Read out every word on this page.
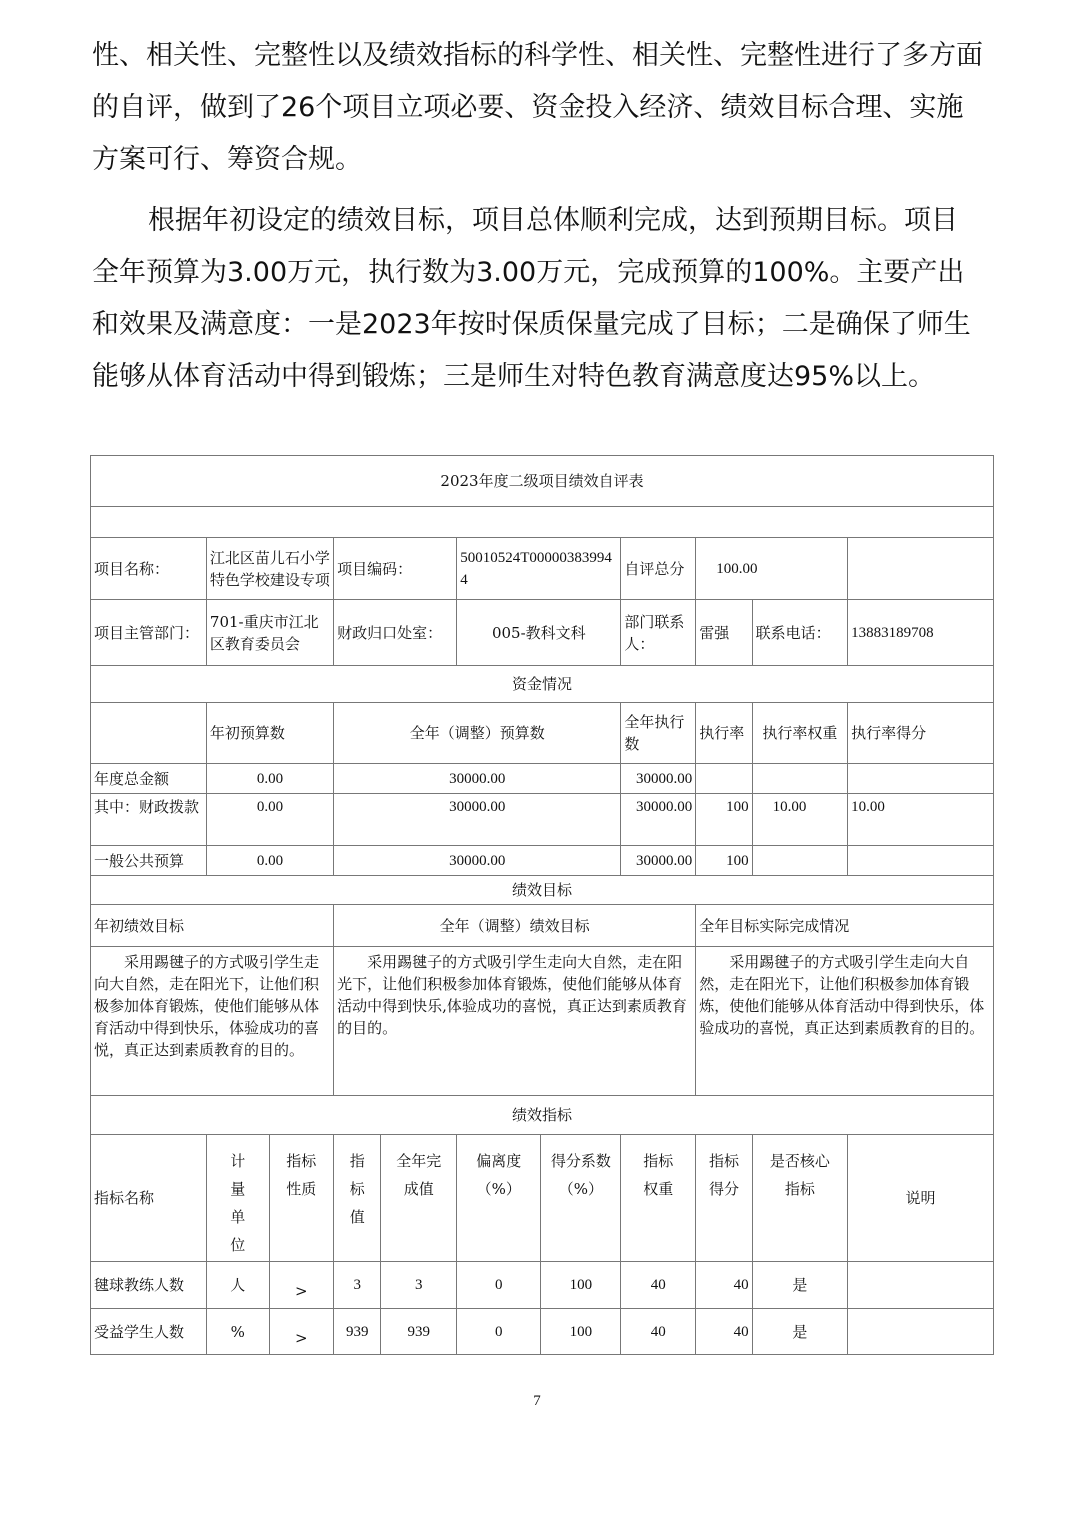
性、相关性、完整性以及绩效指标的科学性、相关性、完整性进行了多方面的自评，做到了26个项目立项必要、资金投入经济、绩效目标合理、实施方案可行、筹资合规。

根据年初设定的绩效目标，项目总体顺利完成，达到预期目标。项目全年预算为3.00万元，执行数为3.00万元，完成预算的100%。主要产出和效果及满意度：一是2023年按时保质保量完成了目标；二是确保了师生能够从体育活动中得到锻炼；三是师生对特色教育满意度达95%以上。

2023年度二级项目绩效自评表										

项目名称：	江北区苗儿石小学特色学校建设专项		项目编码：		50010524T000003839944		自评总分	100.00		
项目主管部门：	701-重庆市江北区教育委员会		财政归口处室：		005-教科文科		部门联系人：	雷强	联系电话：	13883189708
资金情况										
	年初预算数		全年（调整）预算数				全年执行数	执行率	执行率权重	执行率得分
年度总金额	0.00		30000.00				30000.00			
其中：财政拨款	0.00		30000.00				30000.00	100	10.00	10.00
一般公共预算	0.00		30000.00				30000.00	100		
绩效目标										
年初绩效目标			全年（调整）绩效目标					全年目标实际完成情况		
采用踢毽子的方式吸引学生走向大自然，走在阳光下，让他们积极参加体育锻炼，使他们能够从体育活动中得到快乐，体验成功的喜悦，真正达到素质教育的目的。			采用踢毽子的方式吸引学生走向大自然，走在阳光下，让他们积极参加体育锻炼，使他们能够从体育活动中得到快乐,体验成功的喜悦，真正达到素质教育的目的。					采用踢毽子的方式吸引学生走向大自然，走在阳光下，让他们积极参加体育锻炼，使他们能够从体育活动中得到快乐，体验成功的喜悦，真正达到素质教育的目的。		
绩效指标										
指标名称	计量单位	指标性质	指标值	全年完成值	偏离度（%）	得分系数（%）	指标权重	指标得分	是否核心指标	说明
毽球教练人数	人	>	3	3	0	100	40	40	是	
受益学生人数	%	>	939	939	0	100	40	40	是	
7
